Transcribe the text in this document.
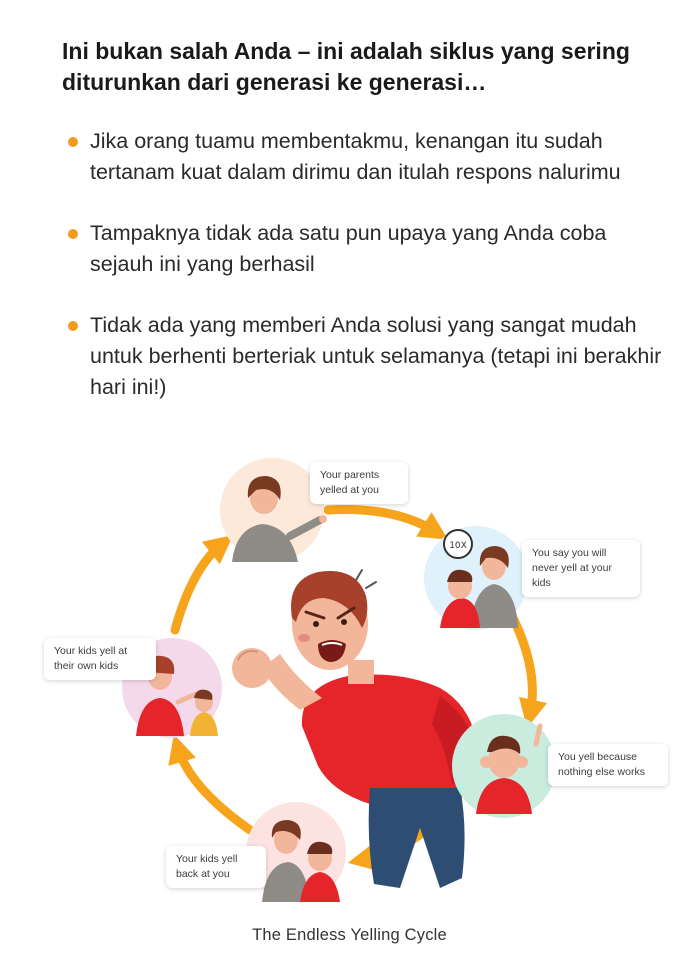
Ini bukan salah Anda – ini adalah siklus yang sering diturunkan dari generasi ke generasi…
Jika orang tuamu membentakmu, kenangan itu sudah tertanam kuat dalam dirimu dan itulah respons nalurimu
Tampaknya tidak ada satu pun upaya yang Anda coba sejauh ini yang berhasil
Tidak ada yang memberi Anda solusi yang sangat mudah untuk berhenti berteriak untuk selamanya (tetapi ini berakhir hari ini!)
10X
Your parents yelled at you
You say you will never yell at your kids
You yell because nothing else works
Your kids yell back at you
Your kids yell at their own kids
The Endless Yelling Cycle
